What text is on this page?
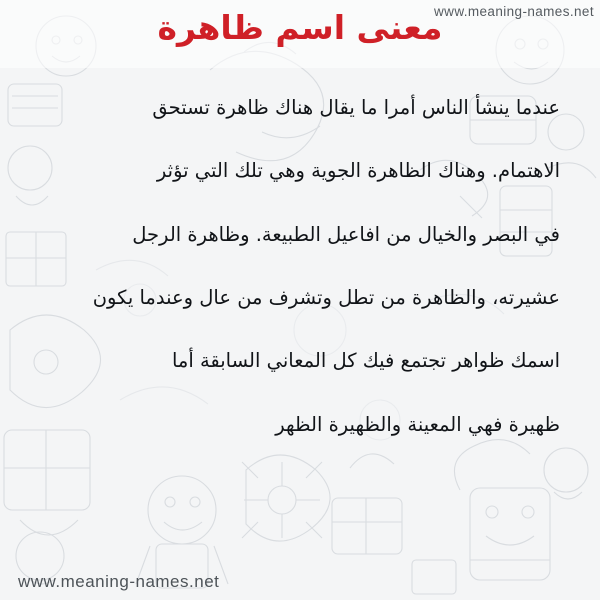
www.meaning-names.net
معنى اسم ظاهرة
عندما ينشأ الناس أمرا ما يقال هناك ظاهرة تستحق
الاهتمام. وهناك الظاهرة الجوية وهي تلك التي تؤثر
في البصر والخيال من افاعيل الطبيعة. وظاهرة الرجل
عشيرته، والظاهرة من تطل وتشرف من عال وعندما يكون
اسمك ظواهر تجتمع فيك كل المعاني السابقة أما
ظهيرة فهي المعينة والظهيرة الظهر
www.meaning-names.net
